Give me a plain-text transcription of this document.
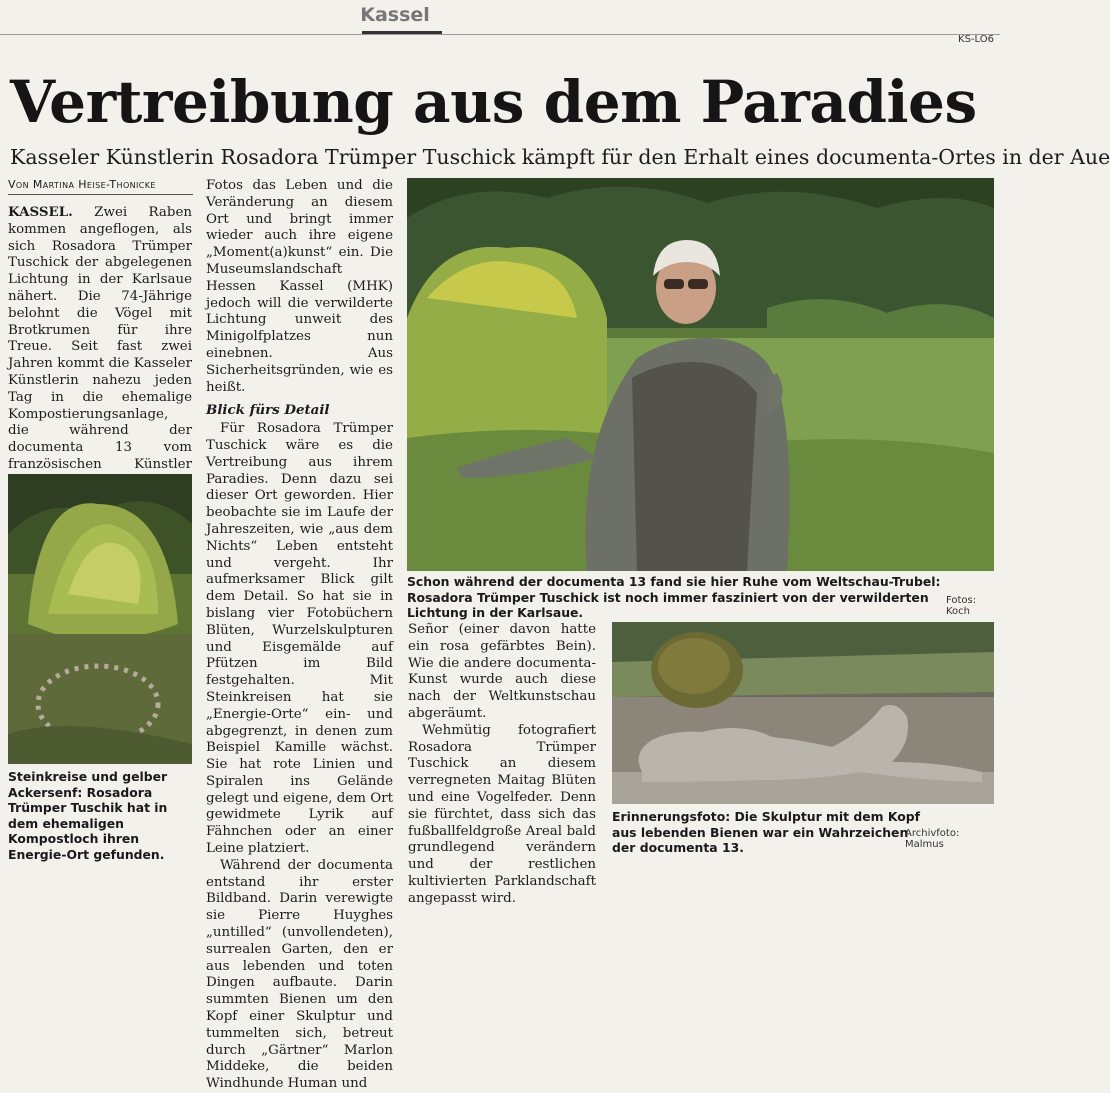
Kassel
KS-LO6
Vertreibung aus dem Paradies
Kasseler Künstlerin Rosadora Trümper Tuschick kämpft für den Erhalt eines documenta-Ortes in der Aue
Von Martina Heise-Thonicke

KASSEL. Zwei Raben kommen angeflogen, als sich Rosadora Trümper Tuschick der abgelegenen Lichtung in der Karlsaue nähert. Die 74-Jährige belohnt die Vögel mit Brotkrumen für ihre Treue. Seit fast zwei Jahren kommt die Kasseler Künstlerin nahezu jeden Tag in die ehemalige Kompostierungsanlage, die während der documenta 13 vom französischen Künstler

Steinkreise und gelber Ackersenf: Rosadora Trümper Tuschik hat in dem ehemaligen Kompostloch ihren Energie-Ort gefunden.

Fotos das Leben und die Veränderung an diesem Ort und bringt immer wieder auch ihre eigene „Moment(a)kunst“ ein. Die Museumslandschaft Hessen Kassel (MHK) jedoch will die verwilderte Lichtung unweit des Minigolfplatzes nun einebnen. Aus Sicherheitsgründen, wie es heißt.

Blick fürs Detail

Für Rosadora Trümper Tuschick wäre es die Vertreibung aus ihrem Paradies. Denn dazu sei dieser Ort geworden. Hier beobachte sie im Laufe der Jahreszeiten, wie „aus dem Nichts“ Leben entsteht und vergeht. Ihr aufmerksamer Blick gilt dem Detail. So hat sie in bislang vier Fotobüchern Blüten, Wurzelskulpturen und Eisgemälde auf Pfützen im Bild festgehalten. Mit Steinkreisen hat sie „Energie-Orte“ ein- und abgegrenzt, in denen zum Beispiel Kamille wächst. Sie hat rote Linien und Spiralen ins Gelände gelegt und eigene, dem Ort gewidmete Lyrik auf Fähnchen oder an einer Leine platziert.

Während der documenta entstand ihr erster Bildband. Darin verewigte sie Pierre Huyghes „untilled“ (unvollendeten), surrealen Garten, den er aus lebenden und toten Dingen aufbaute. Darin summten Bienen um den Kopf einer Skulptur und tummelten sich, betreut durch „Gärtner“ Marlon Middeke, die beiden Windhunde Human und

Schon während der documenta 13 fand sie hier Ruhe vom Weltschau-Trubel: Rosadora Trümper Tuschick ist noch immer fasziniert von der verwilderten Lichtung in der Karlsaue.
Fotos: Koch

Señor (einer davon hatte ein rosa gefärbtes Bein). Wie die andere documenta-Kunst wurde auch diese nach der Weltkunstschau abgeräumt.

Wehmütig fotografiert Rosadora Trümper Tuschick an diesem verregneten Maitag Blüten und eine Vogelfeder. Denn sie fürchtet, dass sich das fußballfeldgroße Areal bald grundlegend verändern und der restlichen kultivierten Parklandschaft angepasst wird.

Erinnerungsfoto: Die Skulptur mit dem Kopf aus lebenden Bienen war ein Wahrzeichen der documenta 13.
Archivfoto: Malmus
